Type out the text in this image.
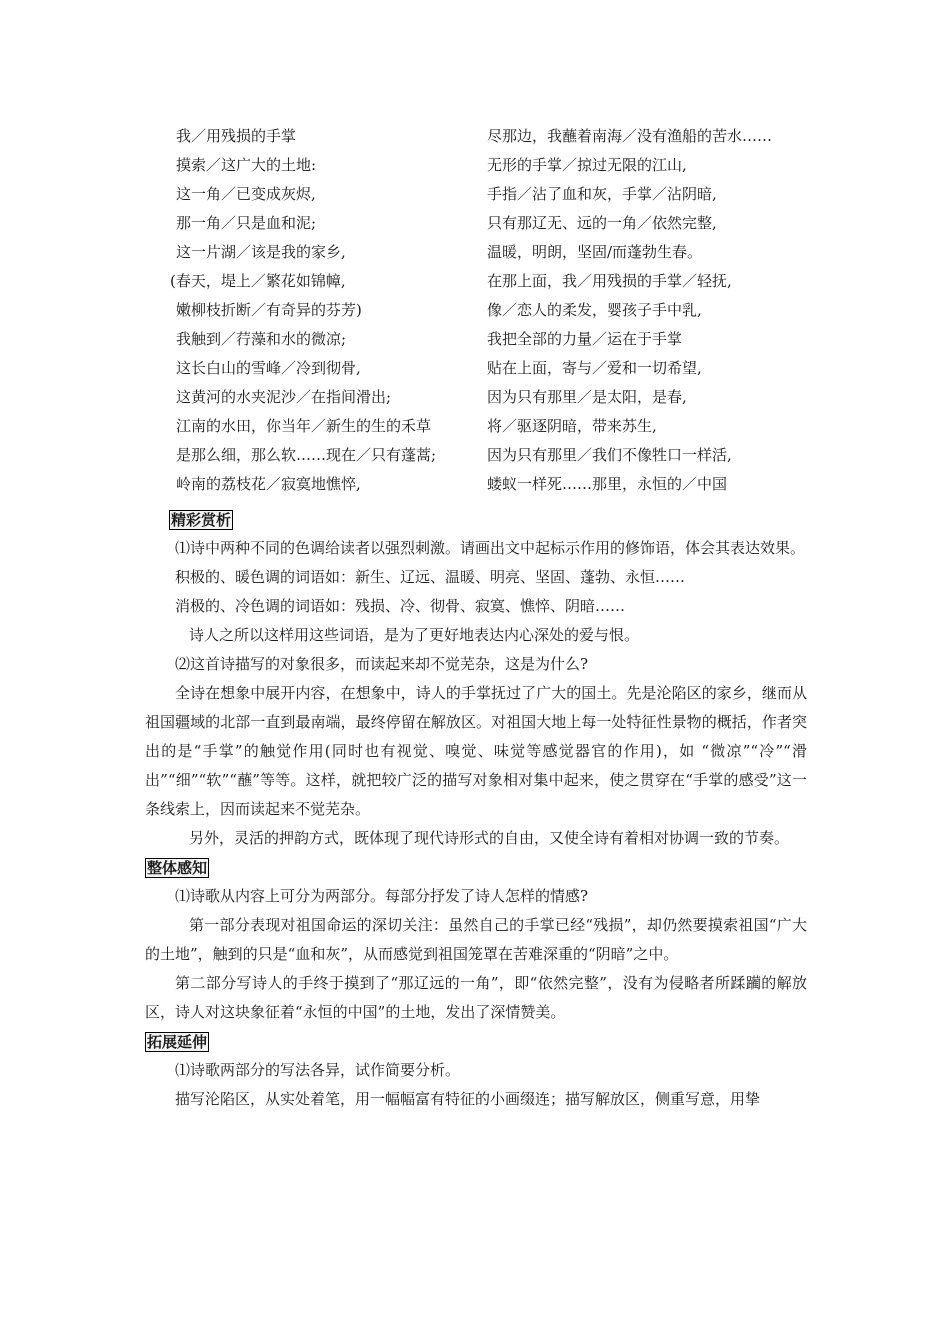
我／用残损的手掌
摸索／这广大的土地:
这一角／已变成灰烬,
那一角／只是血和泥;
这一片湖／该是我的家乡,
(春天，堤上／繁花如锦幛,
嫩柳枝折断／有奇异的芬芳)
我触到／荇藻和水的微凉;
这长白山的雪峰／冷到彻骨,
这黄河的水夹泥沙／在指间滑出;
江南的水田，你当年／新生的生的禾草
是那么细，那么软……现在／只有蓬蒿;
岭南的荔枝花／寂寞地憔悴,
尽那边，我蘸着南海／没有渔船的苦水……
无形的手掌／掠过无限的江山,
手指／沾了血和灰，手掌／沾阴暗,
只有那辽无、远的一角／依然完整,
温暖，明朗，坚固/而蓬勃生春。
在那上面，我／用残损的手掌／轻抚,
像／恋人的柔发，婴孩子手中乳,
我把全部的力量／运在于手掌
贴在上面，寄与／爱和一切希望,
因为只有那里／是太阳，是春,
将／驱逐阴暗，带来苏生,
因为只有那里／我们不像牲口一样活,
蝼蚁一样死……那里，永恒的／中国
精彩赏析

⑴诗中两种不同的色调给读者以强烈刺激。请画出文中起标示作用的修饰语，体会其表达效果。

积极的、暖色调的词语如：新生、辽远、温暖、明亮、坚固、蓬勃、永恒……

消极的、冷色调的词语如：残损、冷、彻骨、寂寞、憔悴、阴暗……

诗人之所以这样用这些词语，是为了更好地表达内心深处的爱与恨。

⑵这首诗描写的对象很多，而读起来却不觉芜杂，这是为什么?

全诗在想象中展开内容，在想象中，诗人的手掌抚过了广大的国土。先是沦陷区的家乡，继而从祖国疆域的北部一直到最南端，最终停留在解放区。对祖国大地上每一处特征性景物的概括，作者突出的是“手掌”的触觉作用(同时也有视觉、嗅觉、味觉等感觉器官的作用)，如 “微凉”“冷”“滑出”“细”“软”“蘸”等等。这样，就把较广泛的描写对象相对集中起来，使之贯穿在“手掌的感受”这一条线索上，因而读起来不觉芜杂。

另外，灵活的押韵方式，既体现了现代诗形式的自由，又使全诗有着相对协调一致的节奏。

整体感知

⑴诗歌从内容上可分为两部分。每部分抒发了诗人怎样的情感?

第一部分表现对祖国命运的深切关注：虽然自己的手掌已经“残损”，却仍然要摸索祖国“广大的土地”，触到的只是“血和灰”，从而感觉到祖国笼罩在苦难深重的“阴暗”之中。

第二部分写诗人的手终于摸到了“那辽远的一角”，即“依然完整”，没有为侵略者所蹂躏的解放区，诗人对这块象征着“永恒的中国”的土地，发出了深情赞美。

拓展延伸

⑴诗歌两部分的写法各异，试作简要分析。

描写沦陷区，从实处着笔，用一幅幅富有特征的小画缀连；描写解放区，侧重写意，用挚
